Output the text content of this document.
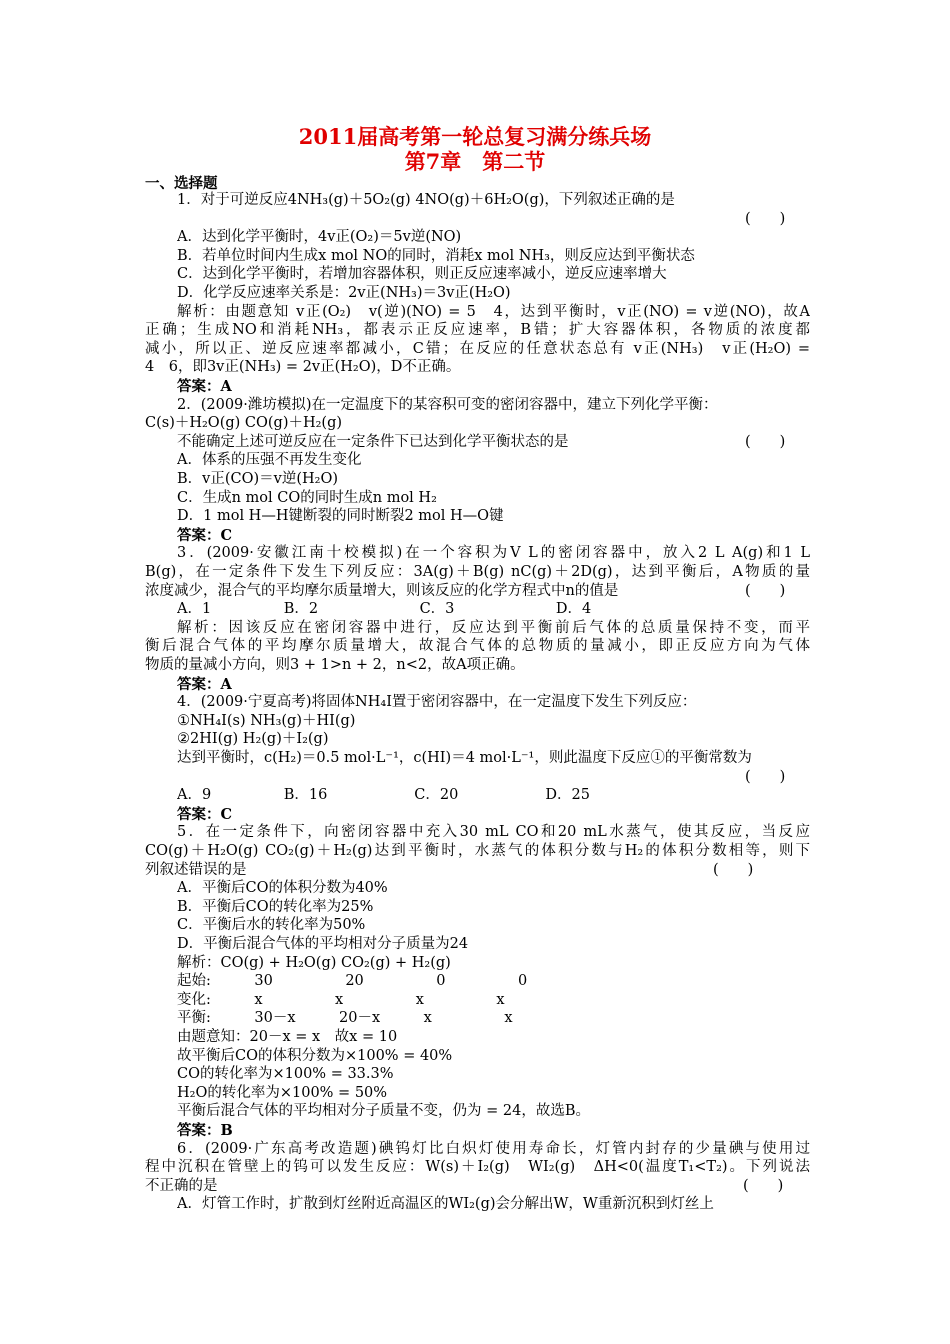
2011届高考第一轮总复习满分练兵场
第7章　第二节
一、选择题
1．对于可逆反应4NH₃(g)＋5O₂(g) 4NO(g)＋6H₂O(g)，下列叙述正确的是
(　　)
A．达到化学平衡时，4v正(O₂)＝5v逆(NO)
B．若单位时间内生成x mol NO的同时，消耗x mol NH₃，则反应达到平衡状态
C．达到化学平衡时，若增加容器体积，则正反应速率减小，逆反应速率增大
D．化学反应速率关系是：2v正(NH₃)＝3v正(H₂O)
解析：由题意知 v正(O₂)　v(逆)(NO) = 5　4，达到平衡时，v正(NO) = v逆(NO)，故A
正确；生成NO和消耗NH₃，都表示正反应速率，B错；扩大容器体积，各物质的浓度都
减小，所以正、逆反应速率都减小，C错；在反应的任意状态总有 v正(NH₃)　v正(H₂O) =
4　6，即3v正(NH₃) = 2v正(H₂O)，D不正确。
答案：A
2．(2009·潍坊模拟)在一定温度下的某容积可变的密闭容器中，建立下列化学平衡：
C(s)＋H₂O(g) CO(g)＋H₂(g)
不能确定上述可逆反应在一定条件下已达到化学平衡状态的是	(　　)
A．体系的压强不再发生变化
B．v正(CO)＝v逆(H₂O)
C．生成n mol CO的同时生成n mol H₂
D．1 mol H—H键断裂的同时断裂2 mol H—O键
答案：C
3．(2009·安徽江南十校模拟)在一个容积为V L的密闭容器中，放入2 L A(g)和1 L
B(g)，在一定条件下发生下列反应：3A(g)＋B(g) nC(g)＋2D(g)，达到平衡后，A物质的量
浓度减少，混合气的平均摩尔质量增大，则该反应的化学方程式中n的值是	(　　)
A．1　　　　　B．2　　　　　　　C．3　　　　　　　D．4
解析：因该反应在密闭容器中进行，反应达到平衡前后气体的总质量保持不变，而平
衡后混合气体的平均摩尔质量增大，故混合气体的总物质的量减小，即正反应方向为气体
物质的量减小方向，则3 + 1>n + 2，n<2，故A项正确。
答案：A
4．(2009·宁夏高考)将固体NH₄I置于密闭容器中，在一定温度下发生下列反应：
①NH₄I(s) NH₃(g)＋HI(g)
②2HI(g) H₂(g)＋I₂(g)
达到平衡时，c(H₂)＝0.5 mol·L⁻¹，c(HI)＝4 mol·L⁻¹，则此温度下反应①的平衡常数为
(　　)
A．9　　　　　B．16　　　　　　C．20　　　　　　D．25
答案：C
5．在一定条件下，向密闭容器中充入30 mL CO和20 mL水蒸气，使其反应，当反应
CO(g)＋H₂O(g) CO₂(g)＋H₂(g)达到平衡时，水蒸气的体积分数与H₂的体积分数相等，则下
列叙述错误的是	(　　)
A．平衡后CO的体积分数为40%
B．平衡后CO的转化率为25%
C．平衡后水的转化率为50%
D．平衡后混合气体的平均相对分子质量为24
解析：CO(g) + H₂O(g) CO₂(g) + H₂(g)
起始:　　　30　　　　　20　　　　　0　　　　　0
变化:　　　x　　　　　x　　　　　x　　　　　x
平衡:　　　30－x　　　20－x　　　x　　　　　x
由题意知：20－x = x　故x = 10
故平衡后CO的体积分数为×100% = 40%
CO的转化率为×100% = 33.3%
H₂O的转化率为×100% = 50%
平衡后混合气体的平均相对分子质量不变，仍为 = 24，故选B。
答案：B
6．(2009·广东高考改造题)碘钨灯比白炽灯使用寿命长，灯管内封存的少量碘与使用过
程中沉积在管壁上的钨可以发生反应：W(s)＋I₂(g)　WI₂(g)　ΔH<0(温度T₁<T₂)。下列说法
不正确的是	(　　)
A．灯管工作时，扩散到灯丝附近高温区的WI₂(g)会分解出W，W重新沉积到灯丝上
